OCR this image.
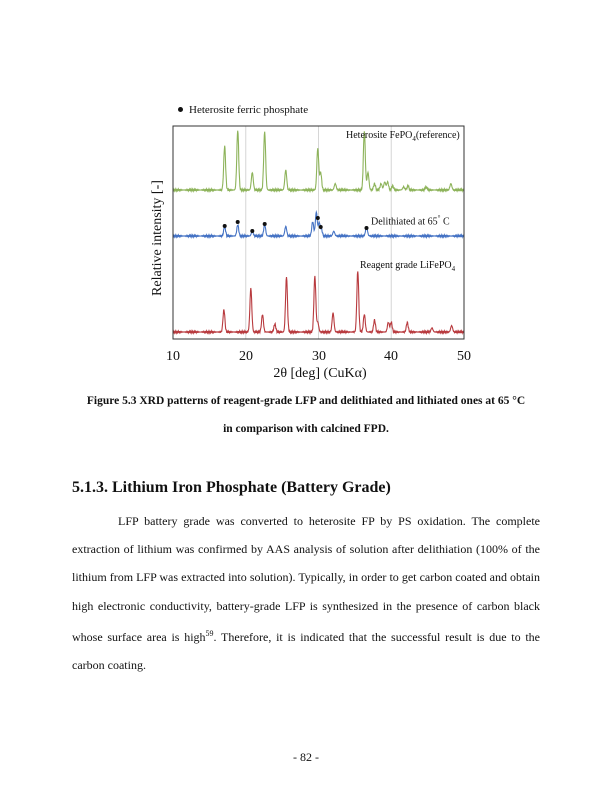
Heterosite ferric phosphate
Relative intensity [-]
Heterosite FePO$_4$(reference)
Delithiated at 65° C
Reagent grade LiFePO$_4$
10	20	30	40	50
2θ [deg] (CuKα)
Figure 5.3 XRD patterns of reagent-grade LFP and delithiated and lithiated ones at 65 °C
in comparison with calcined FPD.
5.1.3. Lithium Iron Phosphate (Battery Grade)
LFP battery grade was converted to heterosite FP by PS oxidation. The complete extraction of lithium was confirmed by AAS analysis of solution after delithiation (100% of the lithium from LFP was extracted into solution). Typically, in order to get carbon coated and obtain high electronic conductivity, battery-grade LFP is synthesized in the presence of carbon black whose surface area is high$^{59}$. Therefore, it is indicated that the successful result is due to the carbon coating.
- 82 -
